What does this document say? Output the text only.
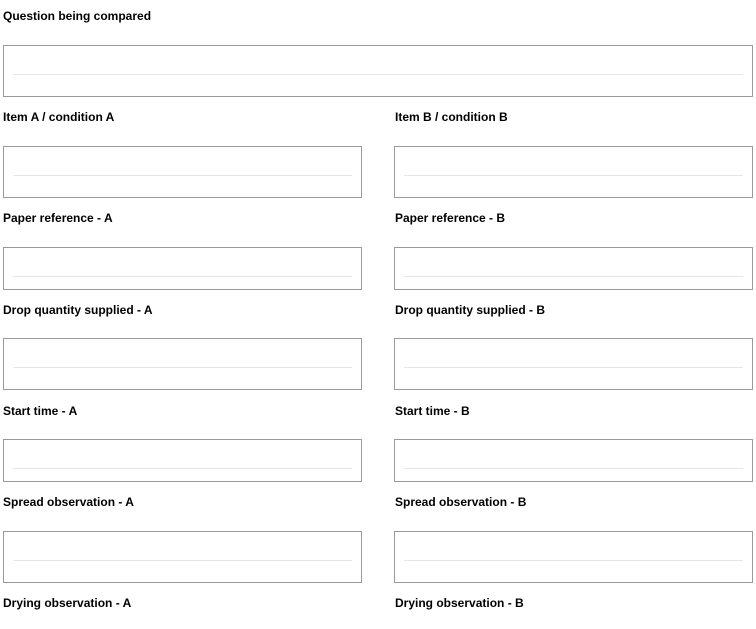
Question being compared
Item A / condition A	Item B / condition B
Paper reference - A	Paper reference - B
Drop quantity supplied - A	Drop quantity supplied - B
Start time - A	Start time - B
Spread observation - A	Spread observation - B
Drying observation - A	Drying observation - B
